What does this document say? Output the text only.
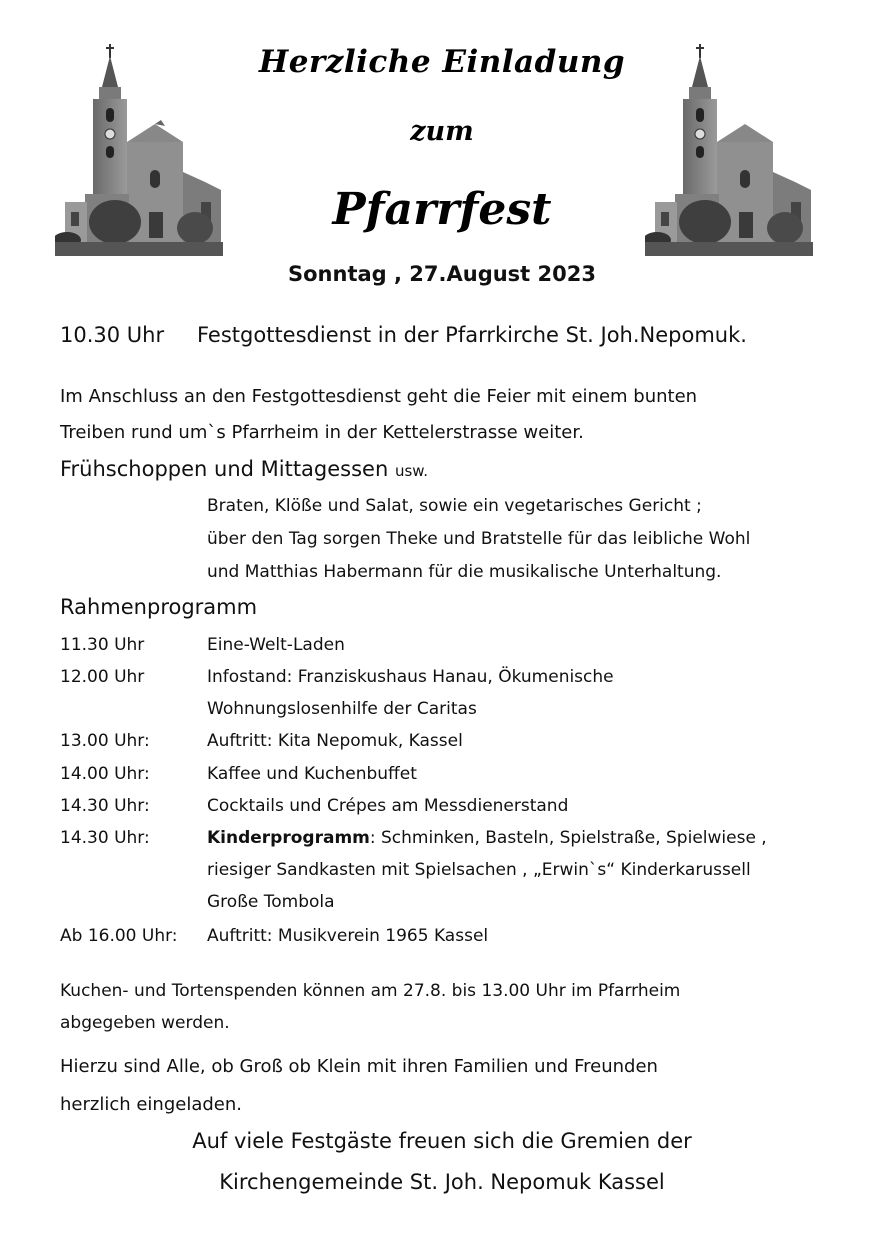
Herzliche Einladung
zum
Pfarrfest
Sonntag , 27.August 2023
10.30 Uhr Festgottesdienst in der Pfarrkirche St. Joh.Nepomuk.
Im Anschluss an den Festgottesdienst geht die Feier mit einem bunten
Treiben rund um`s Pfarrheim in der Kettelerstrasse weiter.
Frühschoppen und Mittagessen usw.
Braten, Klöße und Salat, sowie ein vegetarisches Gericht ;
über den Tag sorgen Theke und Bratstelle für das leibliche Wohl
und Matthias Habermann für die musikalische Unterhaltung.
Rahmenprogramm
11.30 Uhr	Eine-Welt-Laden
12.00 Uhr	Infostand: Franziskushaus Hanau, Ökumenische
Wohnungslosenhilfe der Caritas
13.00 Uhr:	Auftritt: Kita Nepomuk, Kassel
14.00 Uhr:	Kaffee und Kuchenbuffet
14.30 Uhr:	Cocktails und Crépes am Messdienerstand
14.30 Uhr:	Kinderprogramm: Schminken, Basteln, Spielstraße, Spielwiese ,
riesiger Sandkasten mit Spielsachen , „Erwin`s“ Kinderkarussell
Große Tombola
Ab 16.00 Uhr: Auftritt: Musikverein 1965 Kassel
Kuchen- und Tortenspenden können am 27.8. bis 13.00 Uhr im Pfarrheim
abgegeben werden.
Hierzu sind Alle, ob Groß ob Klein mit ihren Familien und Freunden
herzlich eingeladen.
Auf viele Festgäste freuen sich die Gremien der
Kirchengemeinde St. Joh. Nepomuk Kassel
